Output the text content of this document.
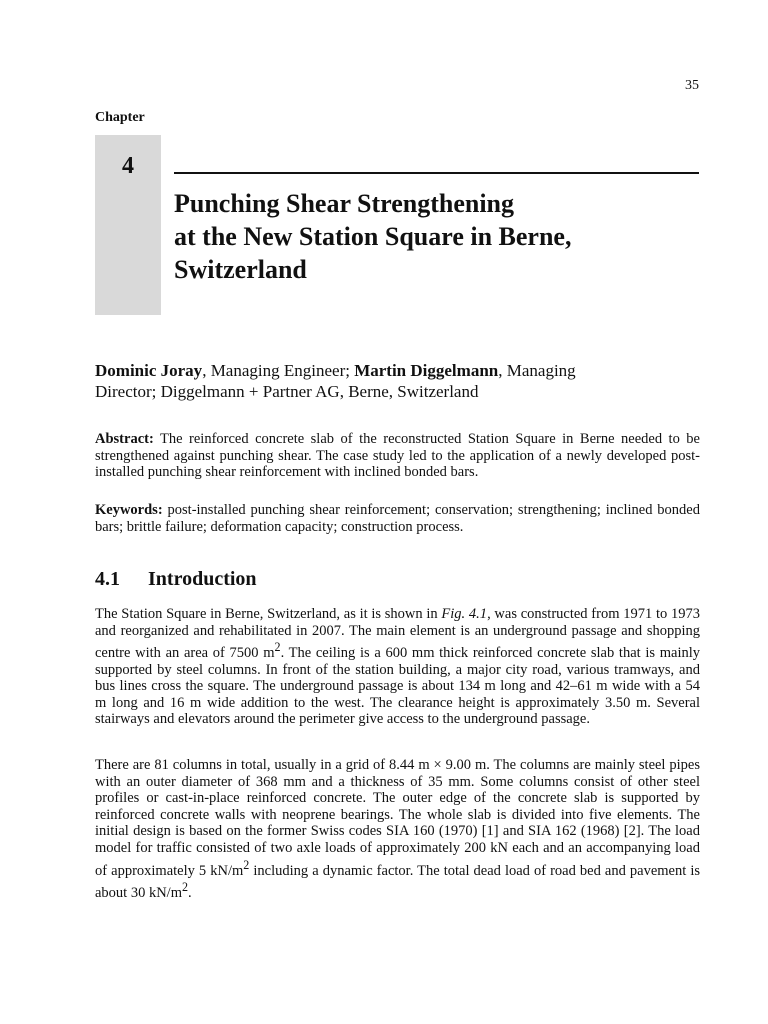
35
Chapter
4
Punching Shear Strengthening
at the New Station Square in Berne,
Switzerland
Dominic Joray, Managing Engineer; Martin Diggelmann, Managing
Director; Diggelmann + Partner AG, Berne, Switzerland

Abstract: The reinforced concrete slab of the reconstructed Station Square in Berne needed to be strengthened against punching shear. The case study led to the application of a newly developed post-installed punching shear reinforcement with inclined bonded bars.

Keywords: post-installed punching shear reinforcement; conservation; strengthening; inclined bonded bars; brittle failure; deformation capacity; construction process.

4.1 Introduction

The Station Square in Berne, Switzerland, as it is shown in Fig. 4.1, was constructed from 1971 to 1973 and reorganized and rehabilitated in 2007. The main element is an underground passage and shopping centre with an area of 7500 $m^2$. The ceiling is a 600 mm thick reinforced concrete slab that is mainly supported by steel columns. In front of the station building, a major city road, various tramways, and bus lines cross the square. The underground passage is about 134 m long and 42–61 m wide with a 54 m long and 16 m wide addition to the west. The clearance height is approximately 3.50 m. Several stairways and elevators around the perimeter give access to the underground passage.

There are 81 columns in total, usually in a grid of 8.44 m × 9.00 m. The columns are mainly steel pipes with an outer diameter of 368 mm and a thickness of 35 mm. Some columns consist of other steel profiles or cast-in-place reinforced concrete. The outer edge of the concrete slab is supported by reinforced concrete walls with neoprene bearings. The whole slab is divided into five elements. The initial design is based on the former Swiss codes SIA 160 (1970) [1] and SIA 162 (1968) [2]. The load model for traffic consisted of two axle loads of approximately 200 kN each and an accompanying load of approximately 5 $kN/m^2$ including a dynamic factor. The total dead load of road bed and pavement is about 30 $kN/m^2$.
